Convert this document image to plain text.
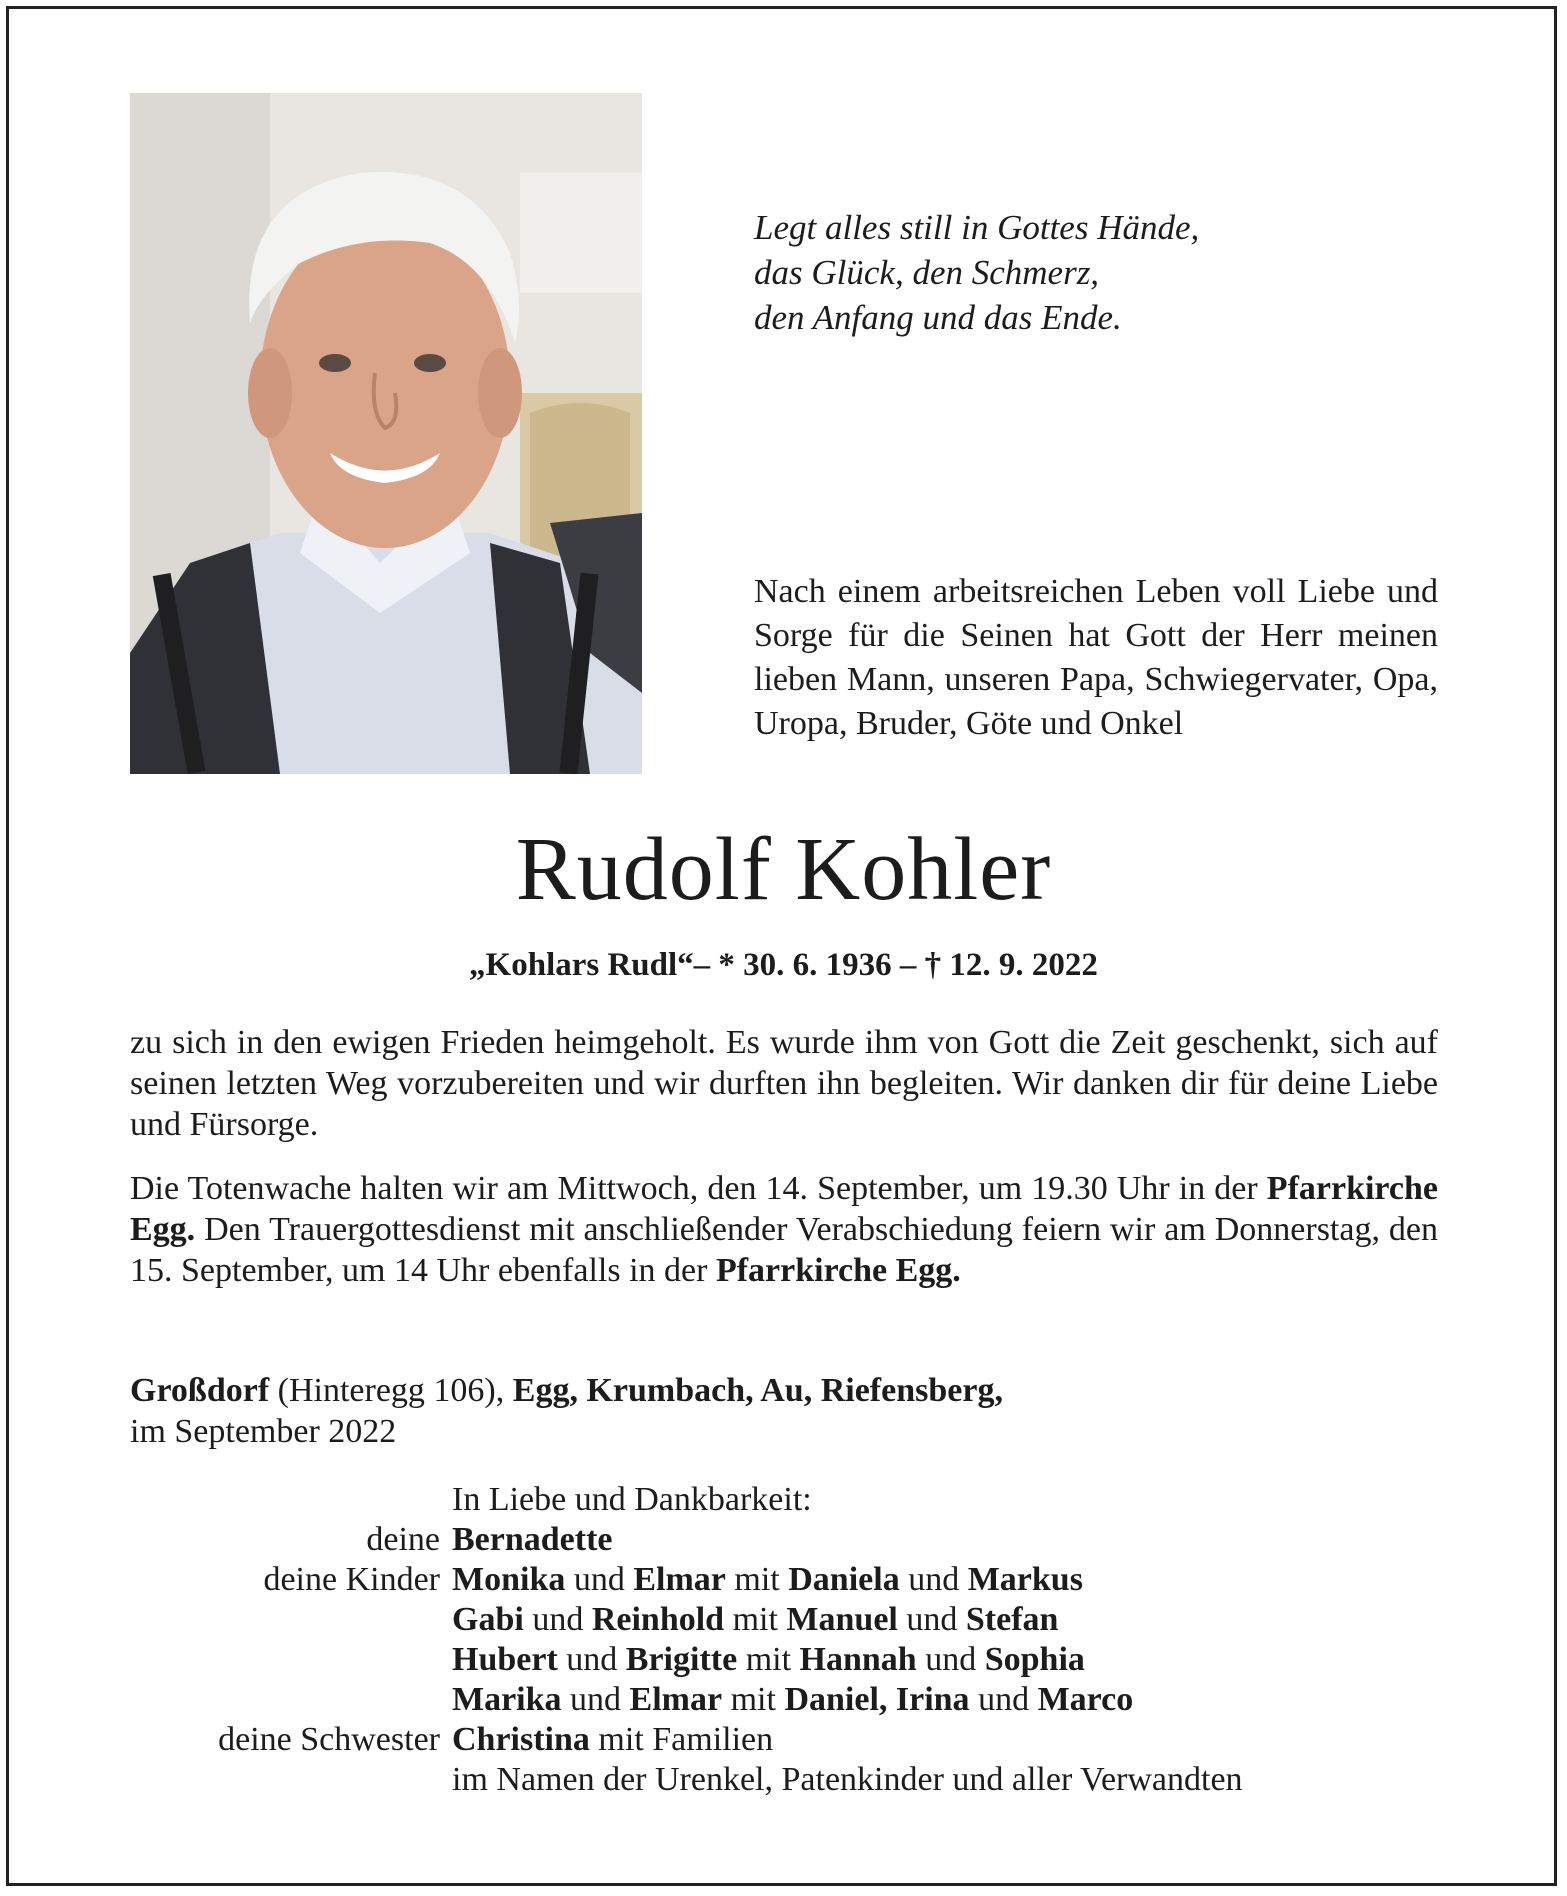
Legt alles still in Gottes Hände,
das Glück, den Schmerz,
den Anfang und das Ende.
Nach einem arbeitsreichen Leben voll Liebe und Sorge für die Seinen hat Gott der Herr meinen lieben Mann, unseren Papa, Schwiegervater, Opa, Uropa, Bruder, Göte und Onkel
Rudolf Kohler
„Kohlars Rudl“– * 30. 6. 1936 – † 12. 9. 2022
zu sich in den ewigen Frieden heimgeholt. Es wurde ihm von Gott die Zeit geschenkt, sich auf seinen letzten Weg vorzubereiten und wir durften ihn begleiten. Wir danken dir für deine Liebe und Fürsorge.
Die Totenwache halten wir am Mittwoch, den 14. September, um 19.30 Uhr in der Pfarrkirche Egg. Den Trauergottesdienst mit anschließender Verabschiedung feiern wir am Donnerstag, den 15. September, um 14 Uhr ebenfalls in der Pfarrkirche Egg.
Großdorf (Hinteregg 106), Egg, Krumbach, Au, Riefensberg,
im September 2022
In Liebe und Dankbarkeit:
deine Bernadette
deine Kinder Monika und Elmar mit Daniela und Markus
Gabi und Reinhold mit Manuel und Stefan
Hubert und Brigitte mit Hannah und Sophia
Marika und Elmar mit Daniel, Irina und Marco
deine Schwester Christina mit Familien
im Namen der Urenkel, Patenkinder und aller Verwandten
